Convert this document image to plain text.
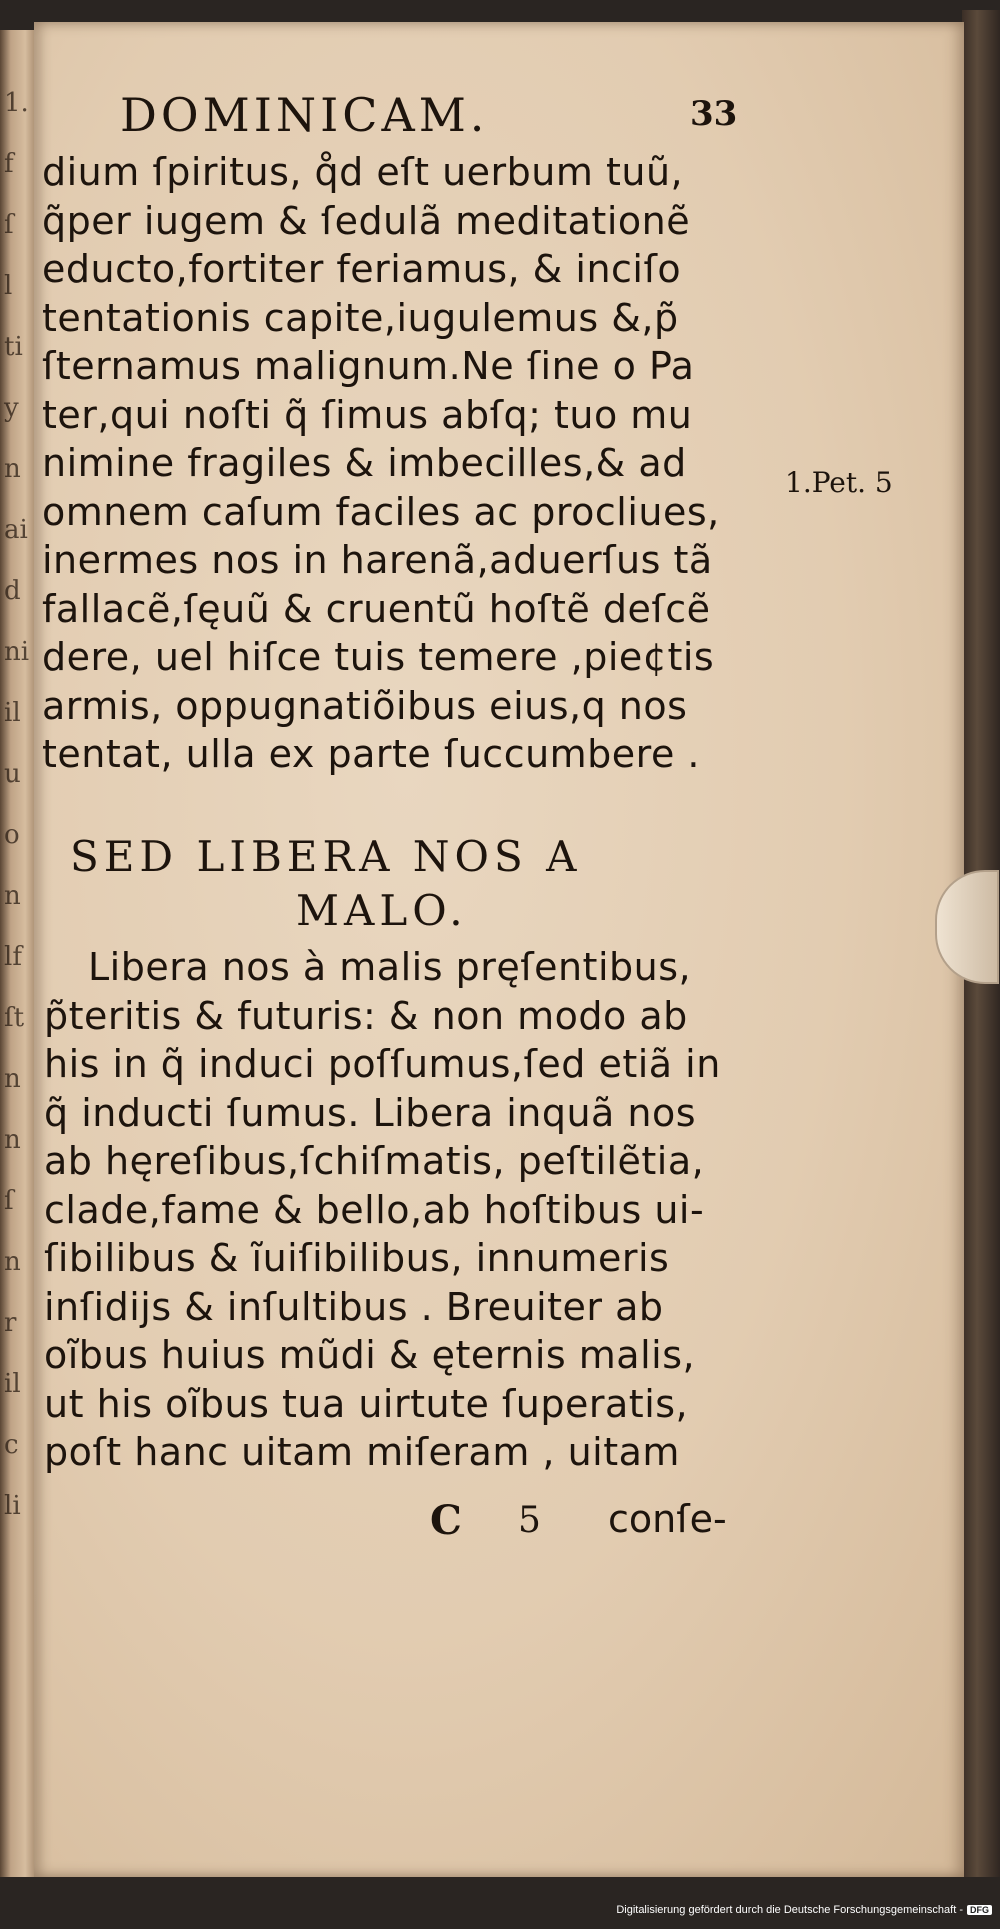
DOMINICAM.	33
1.Pet. 5
SED LIBERA NOS A
MALO.
C 5 conſe-
Digitalisierung gefördert durch die Deutsche Forschungsgemeinschaft - DFG
dium ſpiritus, q̊d eſt uerbum tuũ,
q̃per iugem & ſedulã meditationẽ
educto,fortiter feriamus, & inciſo
tentationis capite,iugulemus &,p͂
ſternamus malignum.Ne ſine o Pa
ter,qui noſti q̃ ſimus abſq; tuo mu
nimine fragiles & imbecilles,& ad
omnem caſum faciles ac procliues,
inermes nos in harenã,aduerſus tã
fallacẽ,ſęuũ & cruentũ hoſtẽ deſcẽ
dere, uel hiſce tuis temere ,pie¢tis
armis, oppugnatiõibus eius,q nos
tentat, ulla ex parte ſuccumbere .
Libera nos à malis pręſentibus,
p̃teritis & futuris: & non modo ab
his in q̃ induci poſſumus,ſed etiã in
q̃ inducti ſumus. Libera inquã nos
ab hęreſibus,ſchiſmatis, peſtilẽtia,
clade,fame & bello,ab hoſtibus ui-
ſibilibus & ĩuiſibilibus, innumeris
inſidijs & inſultibus . Breuiter ab
oĩbus huius mũdi & ęternis malis,
ut his oĩbus tua uirtute ſuperatis,
poſt hanc uitam miſeram , uitam
1.
f
ſ
l
ti
y
n
ai
d
ni
il
u
o
n
lf
ſt
n
n
ſ
n
r
il
c
li
